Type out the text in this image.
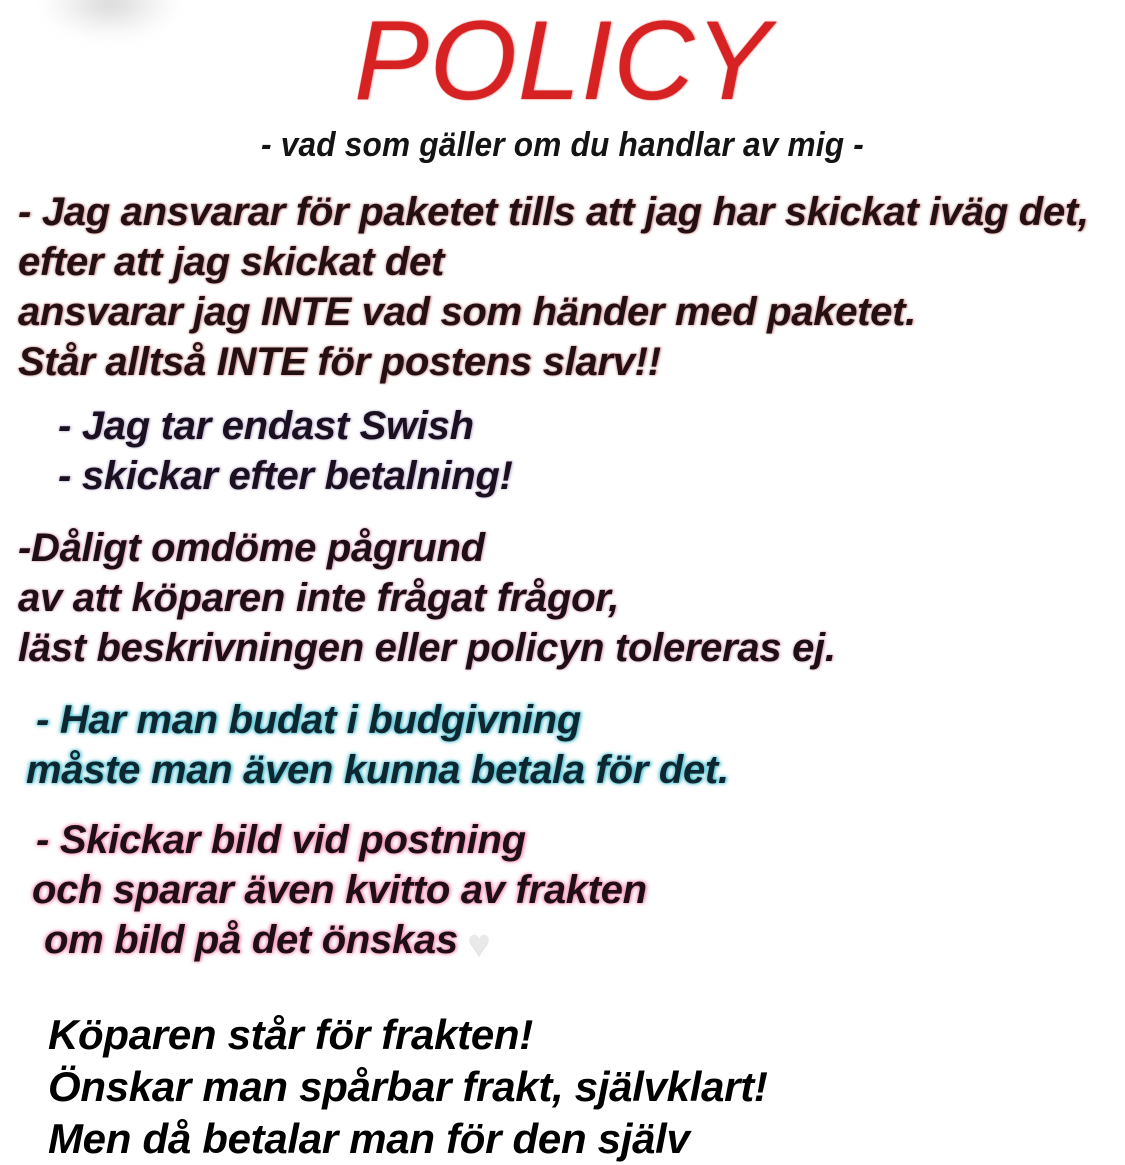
POLICY
- vad som gäller om du handlar av mig -
- Jag ansvarar för paketet tills att jag har skickat iväg det,
efter att jag skickat det
ansvarar jag INTE vad som händer med paketet.
Står alltså INTE för postens slarv!!
- Jag tar endast Swish
- skickar efter betalning!
-Dåligt omdöme pågrund
av att köparen inte frågat frågor,
läst beskrivningen eller policyn tolereras ej.
- Har man budat i budgivning
måste man även kunna betala för det.
- Skickar bild vid postning
och sparar även kvitto av frakten
om bild på det önskas ♥
Köparen står för frakten!
Önskar man spårbar frakt, självklart!
Men då betalar man för den själv
